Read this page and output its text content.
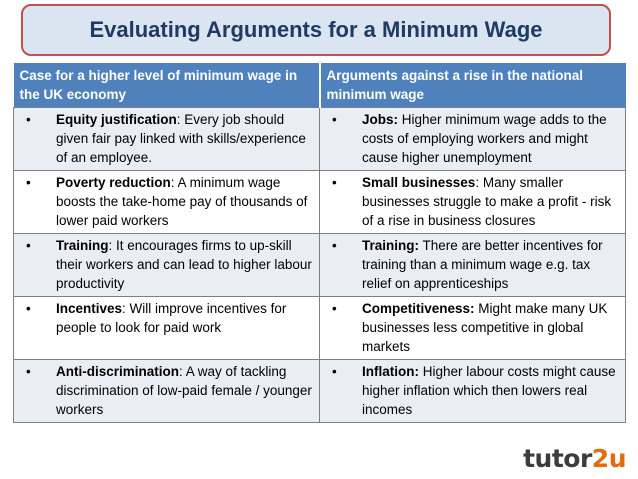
Evaluating Arguments for a Minimum Wage
Case for a higher level of minimum wage in the UK economy	Arguments against a rise in the national minimum wage

• Equity justification: Every job should given fair pay linked with skills/experience of an employee.	• Jobs: Higher minimum wage adds to the costs of employing workers and might cause higher unemployment

• Poverty reduction: A minimum wage boosts the take-home pay of thousands of lower paid workers	• Small businesses: Many smaller businesses struggle to make a profit - risk of a rise in business closures

• Training: It encourages firms to up-skill their workers and can lead to higher labour productivity	• Training: There are better incentives for training than a minimum wage e.g. tax relief on apprenticeships

• Incentives: Will improve incentives for people to look for paid work	• Competitiveness: Might make many UK businesses less competitive in global markets

• Anti-discrimination: A way of tackling discrimination of low-paid female / younger workers	• Inflation: Higher labour costs might cause higher inflation which then lowers real incomes
tutor2u
